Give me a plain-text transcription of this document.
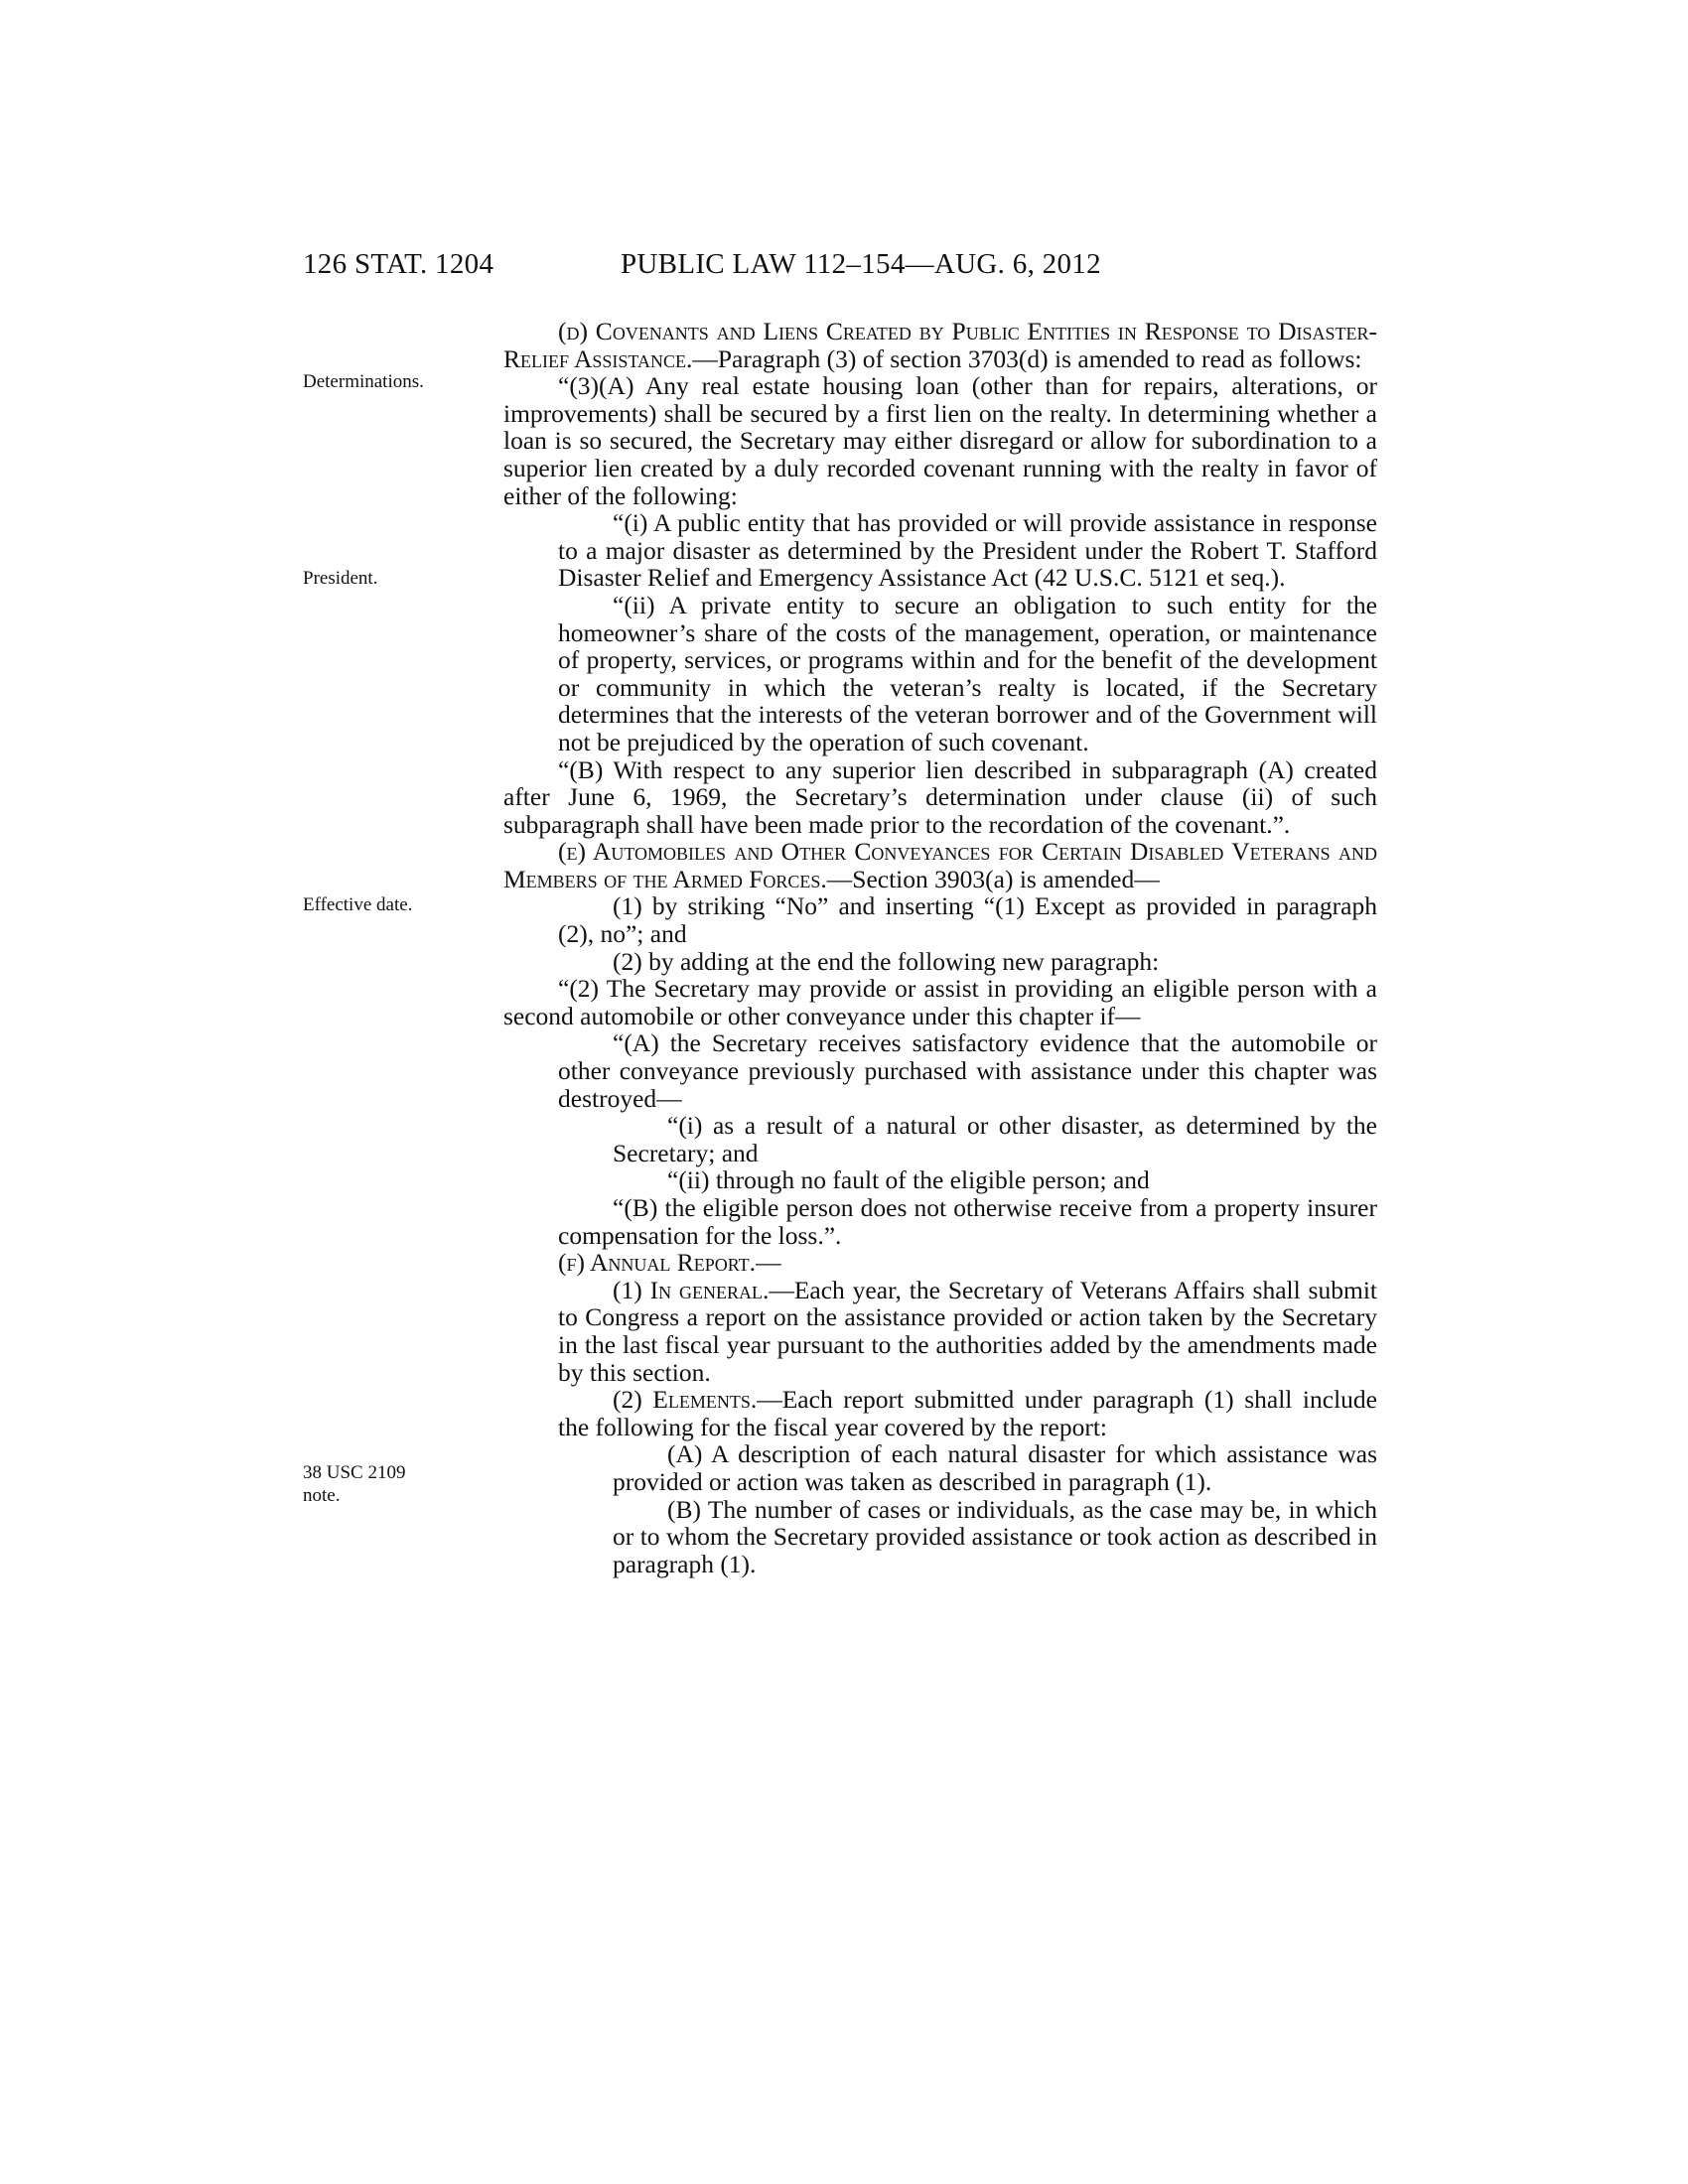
126 STAT. 1204	PUBLIC LAW 112–154—AUG. 6, 2012
Determinations.
President.
Effective date.
38 USC 2109 note.

(d) Covenants and Liens Created by Public Entities in Response to Disaster-Relief Assistance.—Paragraph (3) of section 3703(d) is amended to read as follows:

“(3)(A) Any real estate housing loan (other than for repairs, alterations, or improvements) shall be secured by a first lien on the realty. In determining whether a loan is so secured, the Secretary may either disregard or allow for subordination to a superior lien created by a duly recorded covenant running with the realty in favor of either of the following:

“(i) A public entity that has provided or will provide assistance in response to a major disaster as determined by the President under the Robert T. Stafford Disaster Relief and Emergency Assistance Act (42 U.S.C. 5121 et seq.).

“(ii) A private entity to secure an obligation to such entity for the homeowner’s share of the costs of the management, operation, or maintenance of property, services, or programs within and for the benefit of the development or community in which the veteran’s realty is located, if the Secretary determines that the interests of the veteran borrower and of the Government will not be prejudiced by the operation of such covenant.

“(B) With respect to any superior lien described in subparagraph (A) created after June 6, 1969, the Secretary’s determination under clause (ii) of such subparagraph shall have been made prior to the recordation of the covenant.”.

(e) Automobiles and Other Conveyances for Certain Disabled Veterans and Members of the Armed Forces.—Section 3903(a) is amended—

(1) by striking “No” and inserting “(1) Except as provided in paragraph (2), no”; and

(2) by adding at the end the following new paragraph:

“(2) The Secretary may provide or assist in providing an eligible person with a second automobile or other conveyance under this chapter if—

“(A) the Secretary receives satisfactory evidence that the automobile or other conveyance previously purchased with assistance under this chapter was destroyed—

“(i) as a result of a natural or other disaster, as determined by the Secretary; and

“(ii) through no fault of the eligible person; and

“(B) the eligible person does not otherwise receive from a property insurer compensation for the loss.”.

(f) Annual Report.—

(1) In general.—Each year, the Secretary of Veterans Affairs shall submit to Congress a report on the assistance provided or action taken by the Secretary in the last fiscal year pursuant to the authorities added by the amendments made by this section.

(2) Elements.—Each report submitted under paragraph (1) shall include the following for the fiscal year covered by the report:

(A) A description of each natural disaster for which assistance was provided or action was taken as described in paragraph (1).

(B) The number of cases or individuals, as the case may be, in which or to whom the Secretary provided assistance or took action as described in paragraph (1).
